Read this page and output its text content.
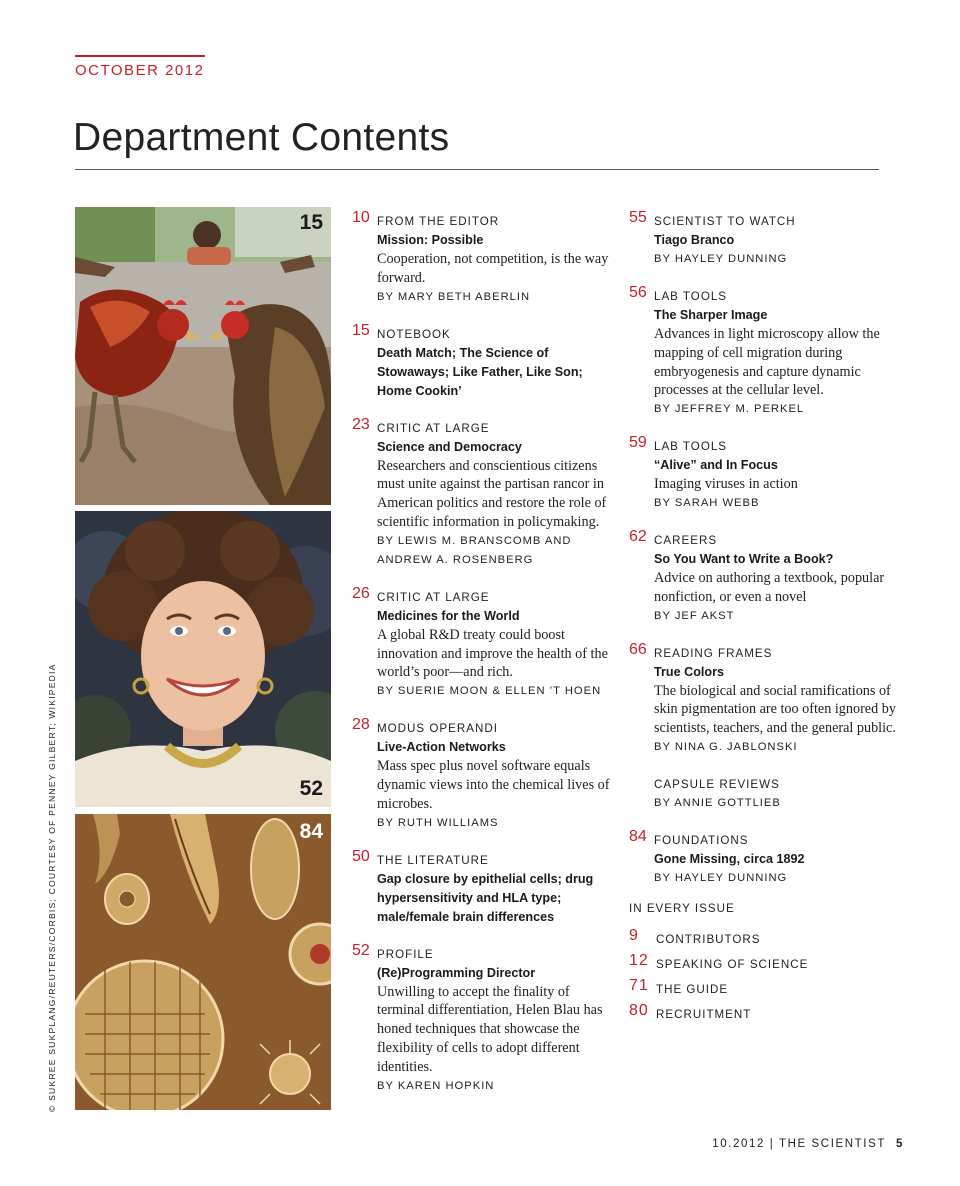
OCTOBER 2012
Department Contents
15
52
84
© SUKREE SUKPLANG/REUTERS/CORBIS; COURTESY OF PENNEY GILBERT; WIKIPEDIA
10 FROM THE EDITOR
Mission: Possible
Cooperation, not competition, is the way forward.
BY MARY BETH ABERLIN
15 NOTEBOOK
Death Match; The Science of Stowaways; Like Father, Like Son; Home Cookin’
23 CRITIC AT LARGE
Science and Democracy
Researchers and conscientious citizens must unite against the partisan rancor in American politics and restore the role of scientific information in policymaking.
BY LEWIS M. BRANSCOMB AND ANDREW A. ROSENBERG
26 CRITIC AT LARGE
Medicines for the World
A global R&D treaty could boost innovation and improve the health of the world’s poor—and rich.
BY SUERIE MOON & ELLEN ’T HOEN
28 MODUS OPERANDI
Live-Action Networks
Mass spec plus novel software equals dynamic views into the chemical lives of microbes.
BY RUTH WILLIAMS
50 THE LITERATURE
Gap closure by epithelial cells; drug hypersensitivity and HLA type; male/female brain differences
52 PROFILE
(Re)Programming Director
Unwilling to accept the finality of terminal differentiation, Helen Blau has honed techniques that showcase the flexibility of cells to adopt different identities.
BY KAREN HOPKIN
55 SCIENTIST TO WATCH
Tiago Branco
BY HAYLEY DUNNING
56 LAB TOOLS
The Sharper Image
Advances in light microscopy allow the mapping of cell migration during embryogenesis and capture dynamic processes at the cellular level.
BY JEFFREY M. PERKEL
59 LAB TOOLS
“Alive” and In Focus
Imaging viruses in action
BY SARAH WEBB
62 CAREERS
So You Want to Write a Book?
Advice on authoring a textbook, popular nonfiction, or even a novel
BY JEF AKST
66 READING FRAMES
True Colors
The biological and social ramifications of skin pigmentation are too often ignored by scientists, teachers, and the general public.
BY NINA G. JABLONSKI
CAPSULE REVIEWS
BY ANNIE GOTTLIEB
84 FOUNDATIONS
Gone Missing, circa 1892
BY HAYLEY DUNNING
IN EVERY ISSUE
9 CONTRIBUTORS
12 SPEAKING OF SCIENCE
71 THE GUIDE
80 RECRUITMENT
10.2012 | THE SCIENTIST 5
